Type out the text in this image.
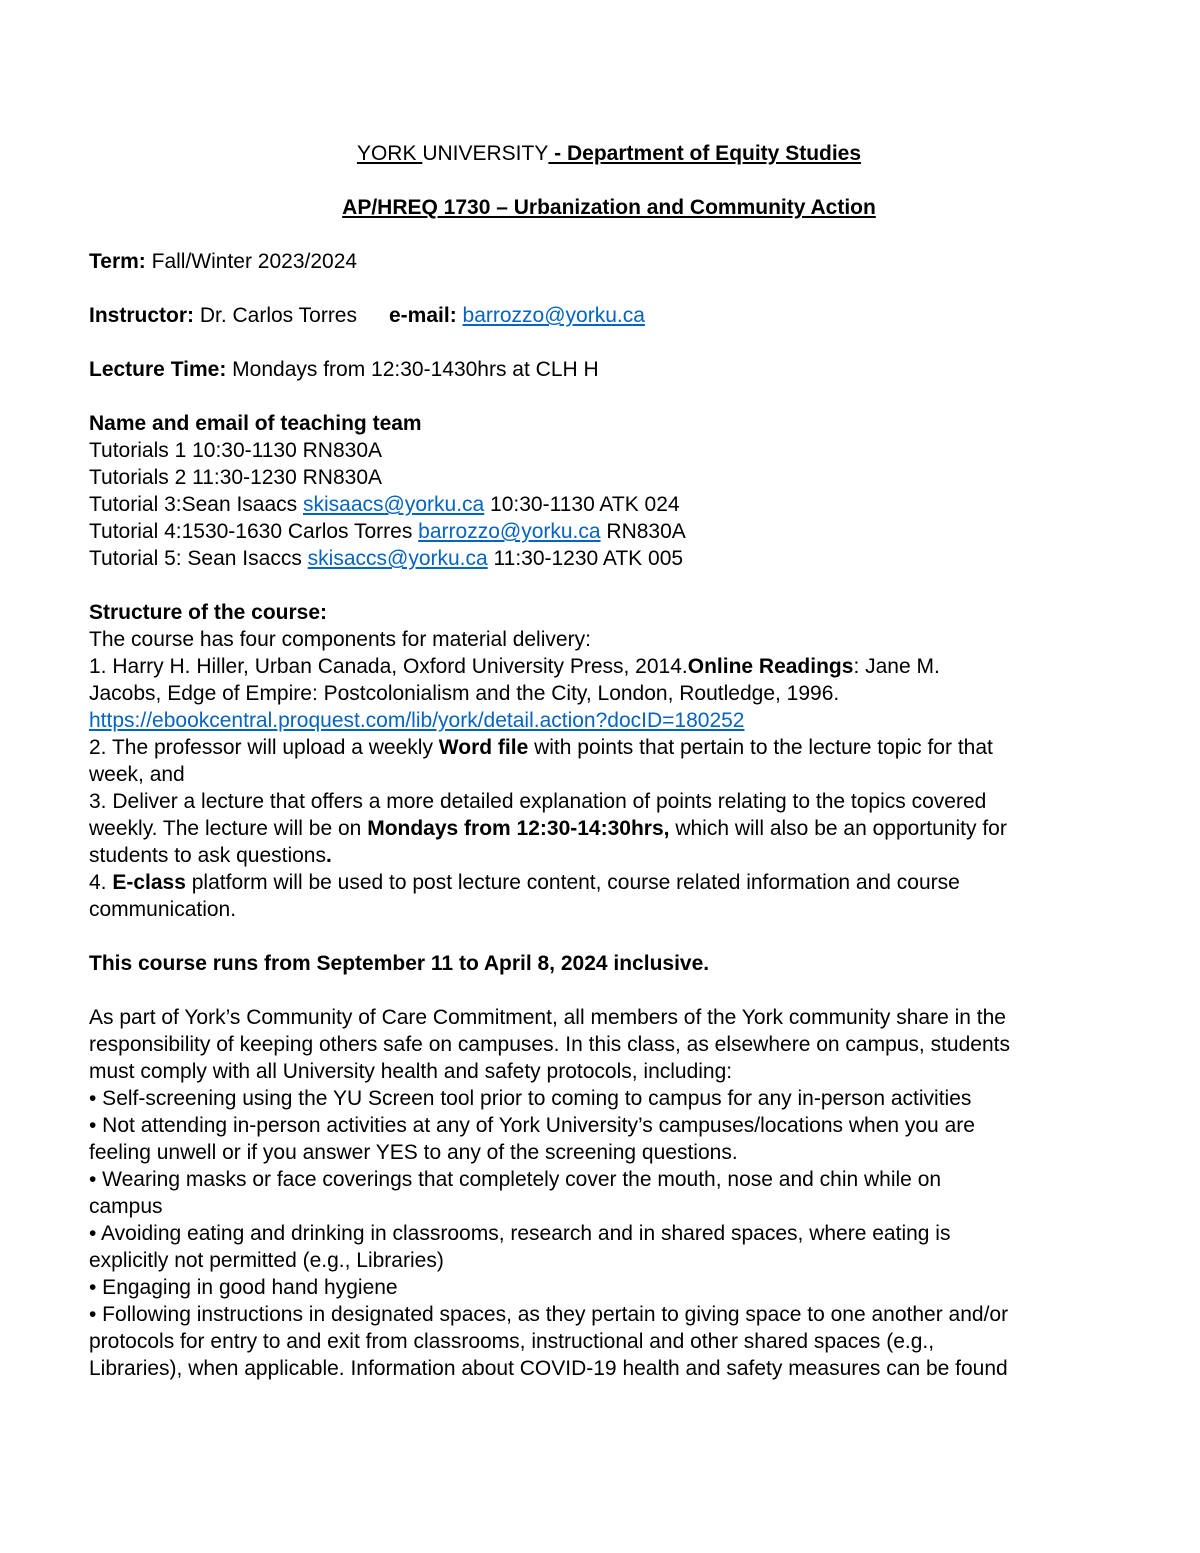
YORK UNIVERSITY - Department of Equity Studies

AP/HREQ 1730 – Urbanization and Community Action

Term: Fall/Winter 2023/2024

Instructor: Dr. Carlos Torres e-mail: barrozzo@yorku.ca

Lecture Time: Mondays from 12:30-1430hrs at CLH H

Name and email of teaching team

Tutorials 1 10:30-1130 RN830A

Tutorials 2 11:30-1230 RN830A

Tutorial 3:Sean Isaacs skisaacs@yorku.ca 10:30-1130 ATK 024

Tutorial 4:1530-1630 Carlos Torres barrozzo@yorku.ca RN830A

Tutorial 5: Sean Isaccs skisaccs@yorku.ca 11:30-1230 ATK 005

Structure of the course:

The course has four components for material delivery:

1. Harry H. Hiller, Urban Canada, Oxford University Press, 2014.Online Readings: Jane M.

Jacobs, Edge of Empire: Postcolonialism and the City, London, Routledge, 1996.

https://ebookcentral.proquest.com/lib/york/detail.action?docID=180252

2. The professor will upload a weekly Word file with points that pertain to the lecture topic for that

week, and

3. Deliver a lecture that offers a more detailed explanation of points relating to the topics covered

weekly. The lecture will be on Mondays from 12:30-14:30hrs, which will also be an opportunity for

students to ask questions.

4. E-class platform will be used to post lecture content, course related information and course

communication.

This course runs from September 11 to April 8, 2024 inclusive.

As part of York’s Community of Care Commitment, all members of the York community share in the

responsibility of keeping others safe on campuses. In this class, as elsewhere on campus, students

must comply with all University health and safety protocols, including:

• Self-screening using the YU Screen tool prior to coming to campus for any in-person activities

• Not attending in-person activities at any of York University’s campuses/locations when you are

feeling unwell or if you answer YES to any of the screening questions.

• Wearing masks or face coverings that completely cover the mouth, nose and chin while on

campus

• Avoiding eating and drinking in classrooms, research and in shared spaces, where eating is

explicitly not permitted (e.g., Libraries)

• Engaging in good hand hygiene

• Following instructions in designated spaces, as they pertain to giving space to one another and/or

protocols for entry to and exit from classrooms, instructional and other shared spaces (e.g.,

Libraries), when applicable. Information about COVID-19 health and safety measures can be found
